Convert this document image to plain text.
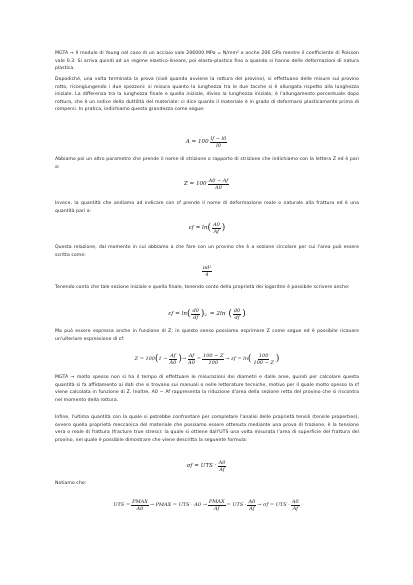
MGTA → Il modulo di Young nel caso di un acciaio vale 206000 MPa = N/mm² e anche 206 GPa mentre il coefficiente di Poisson vale 0.3. Si arriva quindi ad un regime elastico-lineare, poi elasto-plastico fino a quando si hanno delle deformazioni di natura plastica.

Dopodiché, una volta terminata la prova (cioè quando avviene la rottura del provino), si effettuano delle misure sul provino rotto, ricongiungendo i due spezzoni: si misura quanto la lunghezza tra le due tacche si è allungata rispetto alla lunghezza iniziale. La differenza tra la lunghezza finale e quella iniziale, diviso la lunghezza iniziale, è l'allungamento percentuale dopo rottura, che è un indice della duttilità del materiale: ci dice quanto il materiale è in grado di deformarsi plasticamente prima di rompersi. In pratica, indichiamo questa grandezza come segue:

$A = 100 \frac{lf - l0}{l0}$

Abbiamo poi un altro parametro che prende il nome di strizione o rapporto di strizione che indichiamo con la lettera Z ed è pari a:

$Z = 100 \frac{A0 - Af}{A0}$

Invece, la quantità che andiamo ad indicare con εf prende il nome di deformazione reale o naturale alla frattura ed è una quantità pari a:

εf = ln ( $\frac{A0}{Af}$ )

Questa relazione, dal momento in cui abbiamo a che fare con un provino che è a sezione circolare per cui l'area può essere scritta come:

$\frac{\text{πd²}}{4}$

Tenendo conto che tale sezione iniziale e quella finale, tenendo conto della proprietà dei logaritmi è possibile scrivere anche:

εf = ln ( $\frac{d0}{df}$ ) 2 = 2ln ( $\frac{d0}{df}$ )

Ma può essere espressa anche in funzione di Z; in questo senso possiamo esprimere Z come segue ed è possibile ricavare un'ulteriore espressione di εf:

Z = 100 ( $1 - \frac{Af}{A0}$ ) → $\frac{Af}{A0} = \frac{100 - Z}{100} \to \varepsilon f = \ln$ ( $\frac{100}{100 - Z}$ )

MGTA → molto spesso non si ha il tempo di effettuare le misurazioni dei diametri e dalle aree, quindi per calcolare questa quantità si fa affidamento ai dati che si trovano sui manuali o nelle letterature tecniche, motivo per il quale molto spesso la εf viene calcolata in funzione di Z. Inoltre, A0 − Af rappresenta la riduzione d'area della sezione retta del provino che si riscontra nel momento della rottura.

Infine, l'ultima quantità con la quale si potrebbe confrontare per completare l'analisi delle proprietà tensili (tensile properties), ovvero quella proprietà meccanica del materiale che possiamo essere ottenuta mediante una prova di trazione, è la tensione vera o reale di frattura (fracture true stress): la quale si ottiene dall'UTS una volta misurata l'area di superficie del frattura del provino, nel quale è possibile dimostrare che viene descritta la seguente formula:

σf = UTS · $\frac{A0}{Af}$

Notiamo che:

UTS = $\frac{\text{PMAX}}{A0}$ → PMAX = UTS · $A0 \to \frac{\text{PMAX}}{Af}$ = UTS · $\frac{A0}{Af} \to \sigma f$ = UTS · $\frac{A0}{Af}$
